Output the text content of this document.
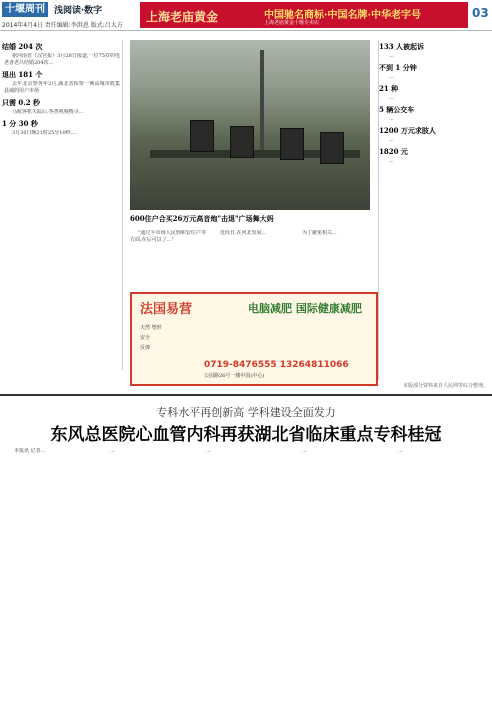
十堰周刊	浅阅读·数字
2014年4月4日 责任编辑:李洪恩 版式:吕大方
上海老庙黄金	中国驰名商标·中国名牌·中华老字号
上海老庙黄金十堰专卖店
03
结婚 204 次
据河南省《汉宫报》3月28日报道,一位75岁的电老者老吕结婚204次...
退出 181 个
去年北京警务年2月,湖北省检察一期高城市收集县域的用户市场
只需 0.2 秒
马航客机失踪后,各类视频搜寻...
1 分 30 秒
3月30日晚21时25分10秒,...
26万元的扩音设备。
600住户合买26万元高音炮"击退"广场舞大妈
"通过平市场人民到和安住户等方面,在后可以了..."
近段日,在河北发展...	为了避免相关...
法国易营	电脑减肥 国际健康减肥
天然 塑形
安全
反弹
0719-8476555 13264811066
公园路26号一楼中国(中心)
133 人被起诉
...
不到 1 分钟
...
21 种
...
5 辆公交车
...
1200 万元求肢人
...
1820 元
...
本版部分资料来自人民网等综合整理。
专科水平再创新高 学科建设全面发力
东风总医院心血管内科再获湖北省临床重点专科桂冠
本报讯 记者...	...	...	...	...
